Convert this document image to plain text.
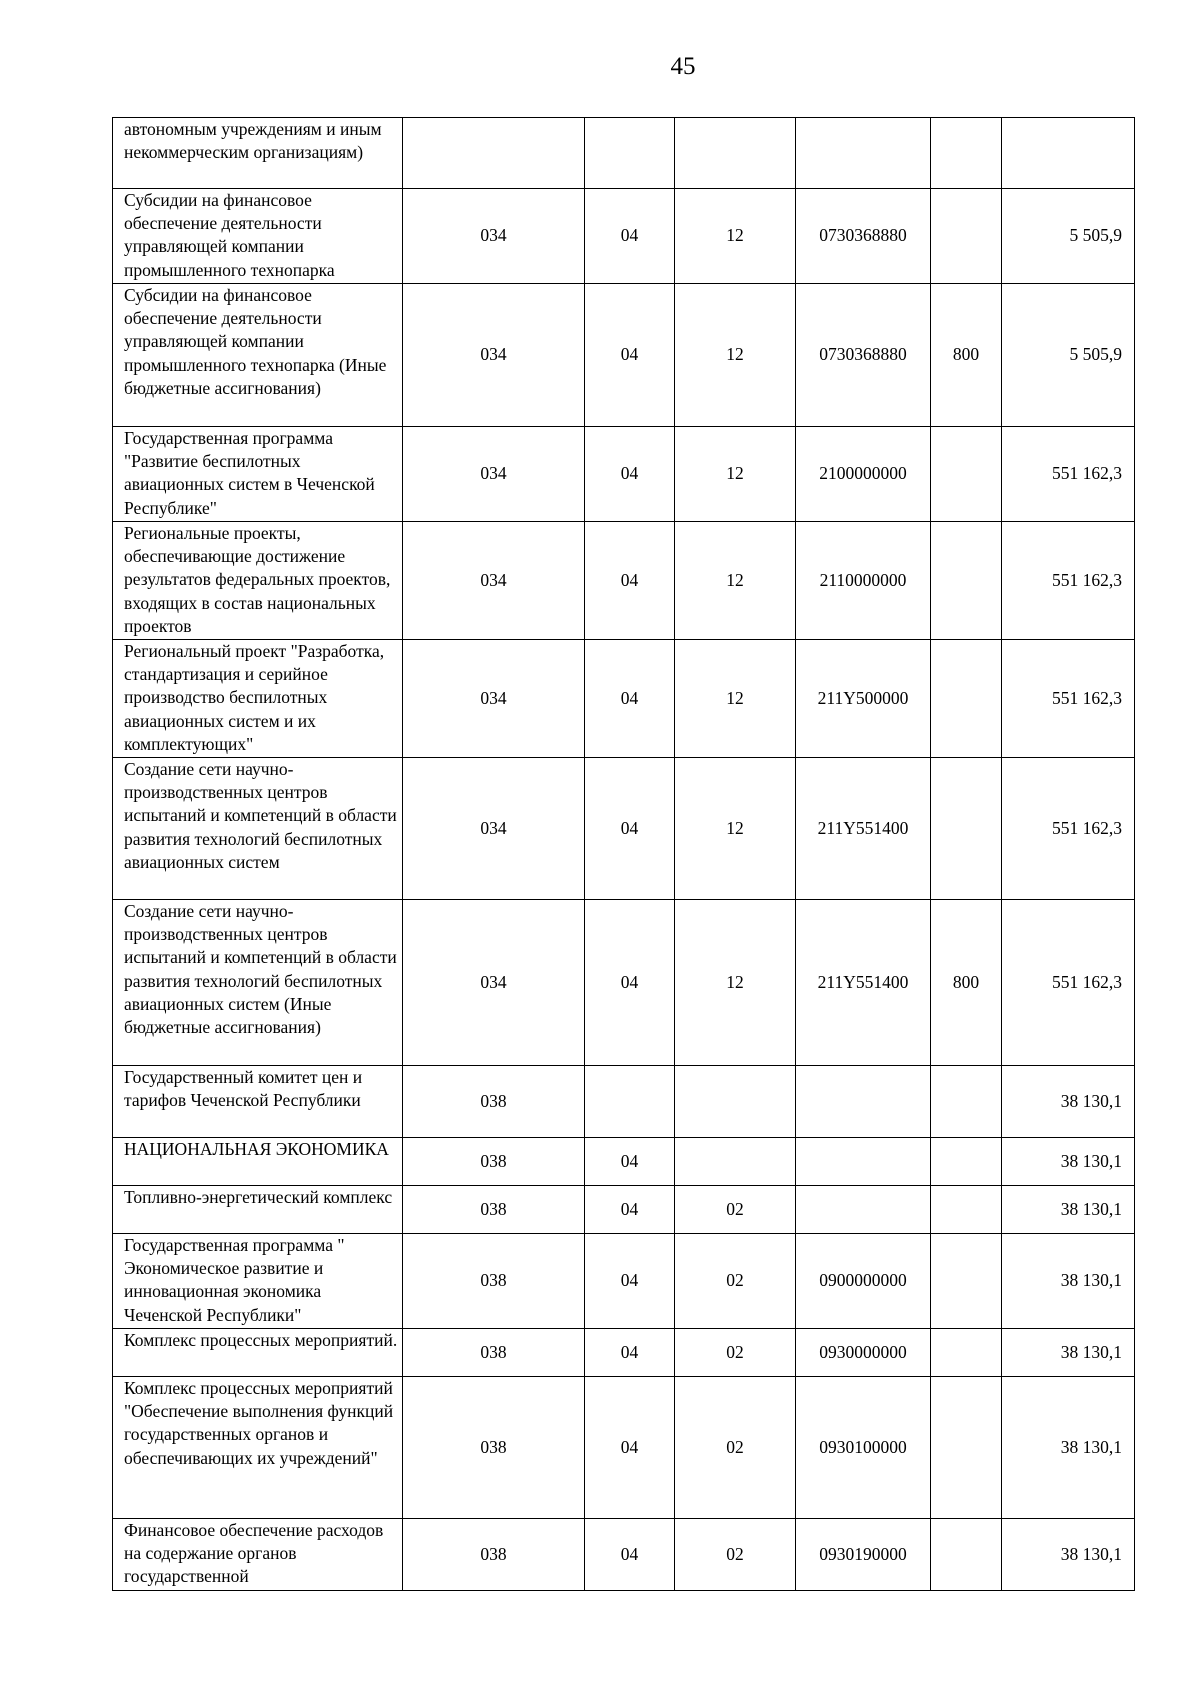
45
автономным учреждениям и иным некоммерческим организациям)						
Субсидии на финансовое обеспечение деятельности управляющей компании промышленного технопарка	034	04	12	0730368880		5 505,9
Субсидии на финансовое обеспечение деятельности управляющей компании промышленного технопарка (Иные бюджетные ассигнования)	034	04	12	0730368880	800	5 505,9
Государственная программа "Развитие беспилотных авиационных систем в Чеченской Республике"	034	04	12	2100000000		551 162,3
Региональные проекты, обеспечивающие достижение результатов федеральных проектов, входящих в состав национальных проектов	034	04	12	2110000000		551 162,3
Региональный проект "Разработка, стандартизация и серийное производство беспилотных авиационных систем и их комплектующих"	034	04	12	211Y500000		551 162,3
Создание сети научно-производственных центров испытаний и компетенций в области развития технологий беспилотных авиационных систем	034	04	12	211Y551400		551 162,3
Создание сети научно-производственных центров испытаний и компетенций в области развития технологий беспилотных авиационных систем (Иные бюджетные ассигнования)	034	04	12	211Y551400	800	551 162,3
Государственный комитет цен и тарифов Чеченской Республики	038					38 130,1
НАЦИОНАЛЬНАЯ ЭКОНОМИКА	038	04				38 130,1
Топливно-энергетический комплекс	038	04	02			38 130,1
Государственная программа " Экономическое развитие и инновационная экономика Чеченской Республики"	038	04	02	0900000000		38 130,1
Комплекс процессных мероприятий.	038	04	02	0930000000		38 130,1
Комплекс процессных мероприятий "Обеспечение выполнения функций государственных органов и обеспечивающих их учреждений"	038	04	02	0930100000		38 130,1
Финансовое обеспечение расходов на содержание органов государственной	038	04	02	0930190000		38 130,1
